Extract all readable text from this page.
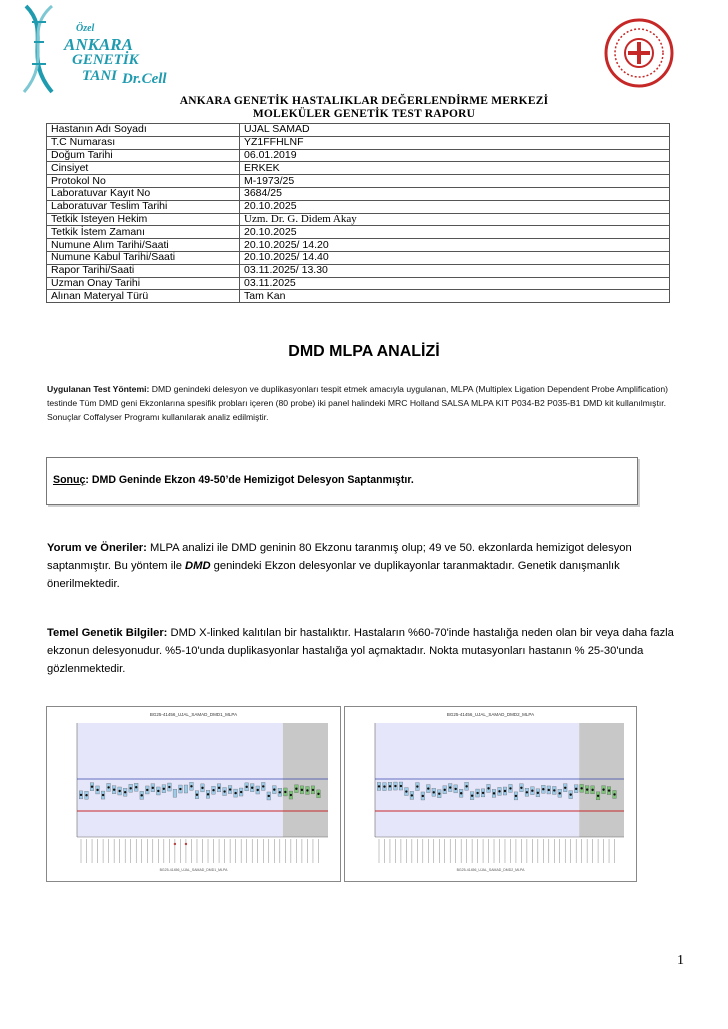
Özel
ANKARA
GENETİK
TANI Dr.Cell
ANKARA GENETİK HASTALIKLAR DEĞERLENDİRME MERKEZİ
MOLEKÜLER GENETİK TEST RAPORU
Hastanın Adı Soyadı	UJAL SAMAD
T.C Numarası	YZ1FFHLNF
Doğum Tarihi	06.01.2019
Cinsiyet	ERKEK
Protokol No	M-1973/25
Laboratuvar Kayıt No	3684/25
Laboratuvar Teslim Tarihi	20.10.2025
Tetkik İsteyen Hekim	Uzm. Dr. G. Didem Akay
Tetkik İstem Zamanı	20.10.2025
Numune Alım Tarihi/Saati	20.10.2025/ 14.20
Numune Kabul Tarihi/Saati	20.10.2025/ 14.40
Rapor Tarihi/Saati	03.11.2025/ 13.30
Uzman Onay Tarihi	03.11.2025
Alınan Materyal Türü	Tam Kan
DMD MLPA ANALİZİ
Uygulanan Test Yöntemi: DMD genindeki delesyon ve duplikasyonları tespit etmek amacıyla uygulanan, MLPA (Multiplex Ligation Dependent Probe Amplification) testinde Tüm DMD geni Ekzonlarına spesifik probları içeren (80 probe) iki panel halindeki MRC Holland SALSA MLPA KIT P034-B2 P035-B1 DMD kit kullanılmıştır. Sonuçlar Coffalyser Programı kullanılarak analiz edilmiştir.
Sonuç: DMD Geninde Ekzon 49-50’de Hemizigot Delesyon Saptanmıştır.
Yorum ve Öneriler: MLPA analizi ile DMD geninin 80 Ekzonu taranmış olup; 49 ve 50. ekzonlarda hemizigot delesyon saptanmıştır. Bu yöntem ile DMD genindeki Ekzon delesyonlar ve duplikayonlar taranmaktadır. Genetik danışmanlık önerilmektedir.
Temel Genetik Bilgiler: DMD X-linked kalıtılan bir hastalıktır. Hastaların %60-70'inde hastalığa neden olan bir veya daha fazla ekzonun delesyonudur. %5-10'unda duplikasyonlar hastalığa yol açmaktadır. Nokta mutasyonları hastanın % 25-30'unda gözlenmektedir.
BG25-41456_UJAL_SAMAD_DMD1_MLPA
BG25-41456_UJAL_SAMAD_DMD1_MLPA
BG25-41456_UJAL_SAMAD_DMD2_MLPA
BG25-41456_UJAL_SAMAD_DMD2_MLPA
1
